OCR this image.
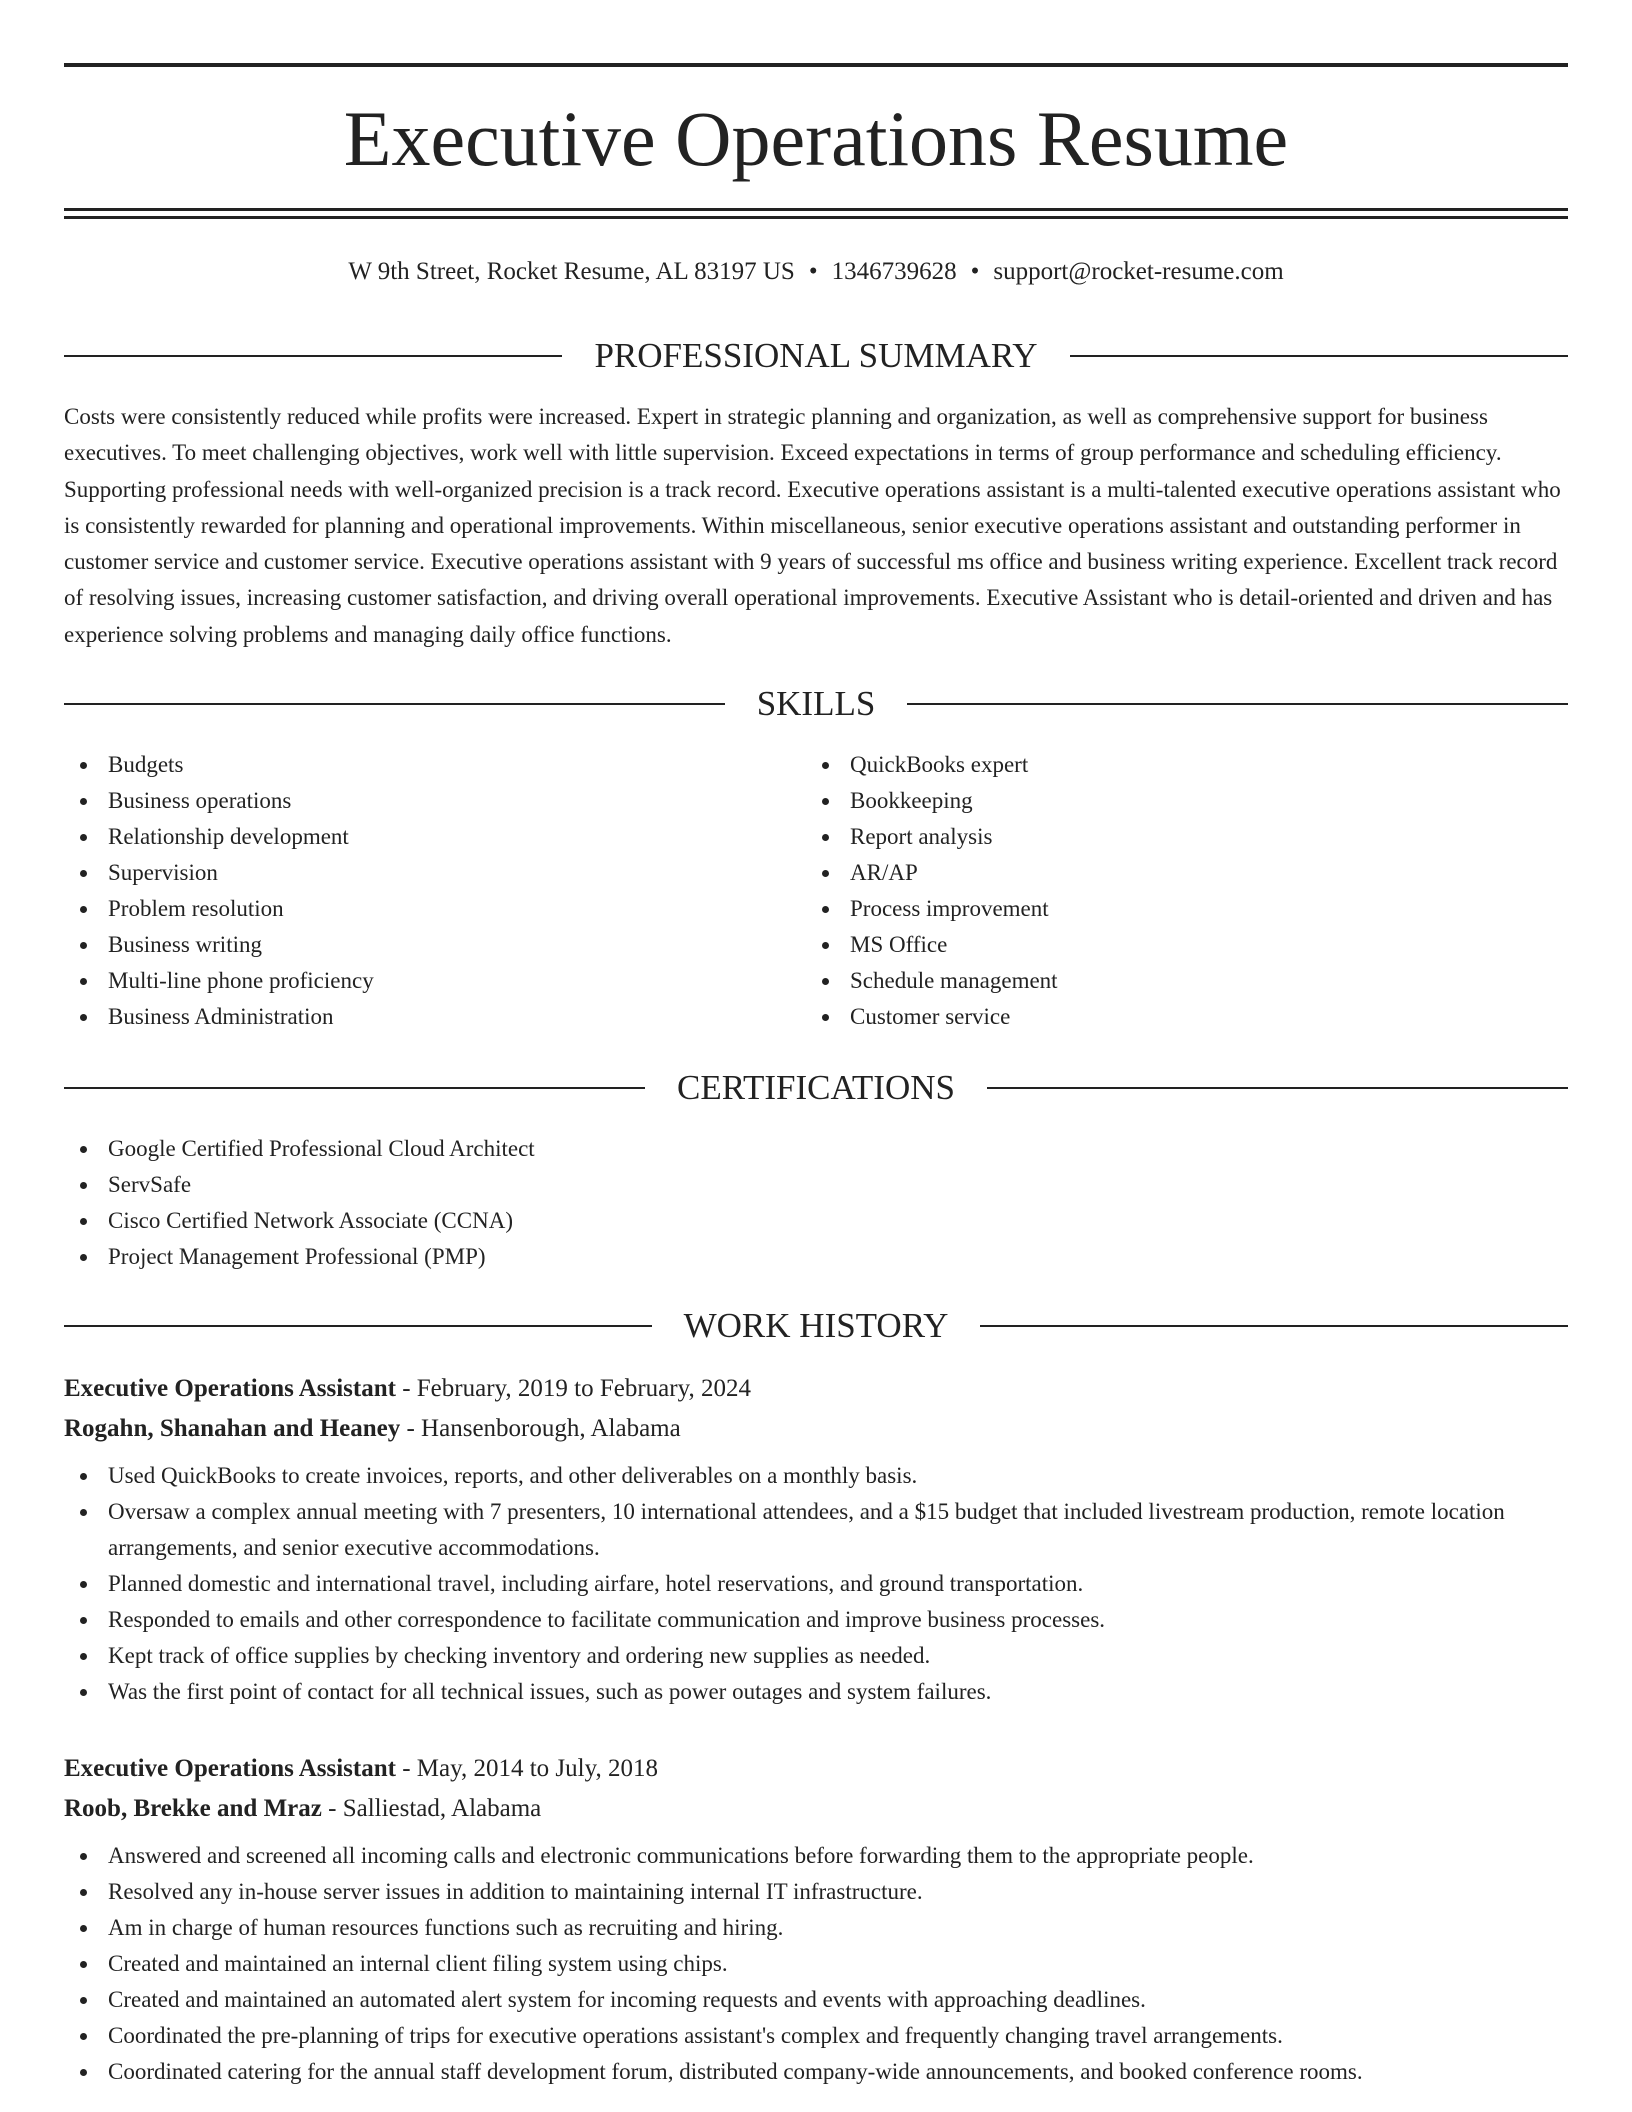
Executive Operations Resume
W 9th Street, Rocket Resume, AL 83197 US • 1346739628 • support@rocket-resume.com
PROFESSIONAL SUMMARY

Costs were consistently reduced while profits were increased. Expert in strategic planning and organization, as well as comprehensive support for business executives. To meet challenging objectives, work well with little supervision. Exceed expectations in terms of group performance and scheduling efficiency. Supporting professional needs with well-organized precision is a track record. Executive operations assistant is a multi-talented executive operations assistant who is consistently rewarded for planning and operational improvements. Within miscellaneous, senior executive operations assistant and outstanding performer in customer service and customer service. Executive operations assistant with 9 years of successful ms office and business writing experience. Excellent track record of resolving issues, increasing customer satisfaction, and driving overall operational improvements. Executive Assistant who is detail-oriented and driven and has experience solving problems and managing daily office functions.

SKILLS
Budgets
Business operations
Relationship development
Supervision
Problem resolution
Business writing
Multi-line phone proficiency
Business Administration
QuickBooks expert
Bookkeeping
Report analysis
AR/AP
Process improvement
MS Office
Schedule management
Customer service
CERTIFICATIONS
Google Certified Professional Cloud Architect
ServSafe
Cisco Certified Network Associate (CCNA)
Project Management Professional (PMP)
WORK HISTORY
Executive Operations Assistant - February, 2019 to February, 2024
Rogahn, Shanahan and Heaney - Hansenborough, Alabama
Used QuickBooks to create invoices, reports, and other deliverables on a monthly basis.
Oversaw a complex annual meeting with 7 presenters, 10 international attendees, and a $15 budget that included livestream production, remote location arrangements, and senior executive accommodations.
Planned domestic and international travel, including airfare, hotel reservations, and ground transportation.
Responded to emails and other correspondence to facilitate communication and improve business processes.
Kept track of office supplies by checking inventory and ordering new supplies as needed.
Was the first point of contact for all technical issues, such as power outages and system failures.
Executive Operations Assistant - May, 2014 to July, 2018
Roob, Brekke and Mraz - Salliestad, Alabama
Answered and screened all incoming calls and electronic communications before forwarding them to the appropriate people.
Resolved any in-house server issues in addition to maintaining internal IT infrastructure.
Am in charge of human resources functions such as recruiting and hiring.
Created and maintained an internal client filing system using chips.
Created and maintained an automated alert system for incoming requests and events with approaching deadlines.
Coordinated the pre-planning of trips for executive operations assistant's complex and frequently changing travel arrangements.
Coordinated catering for the annual staff development forum, distributed company-wide announcements, and booked conference rooms.
